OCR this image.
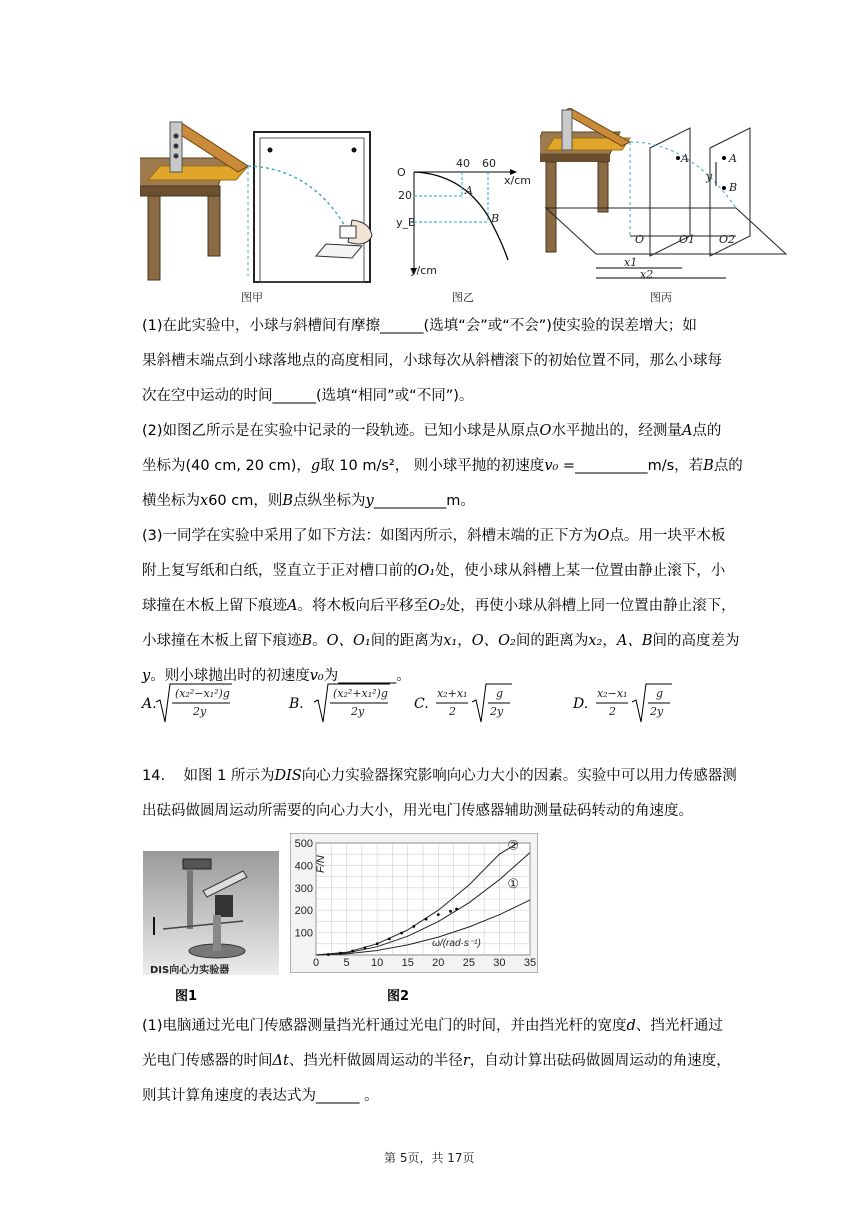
图甲
O
40 60
x/cm
20
y_B
y/cm
A
B
图乙
A	A
B
y
O	O1 O2
x1
x2
图丙
(1)在此实验中，小球与斜槽间有摩擦______(选填“会”或“不会”)使实验的误差增大；如
果斜槽末端点到小球落地点的高度相同，小球每次从斜槽滚下的初始位置不同，那么小球每
次在空中运动的时间______(选填“相同”或“不同”)。
(2)如图乙所示是在实验中记录的一段轨迹。已知小球是从原点O水平抛出的，经测量A点的
坐标为(40 cm, 20 cm)，g取 10 m/s²， 则小球平抛的初速度v₀ =__________m/s，若B点的
横坐标为x60 cm，则B点纵坐标为y__________m。
(3)一同学在实验中采用了如下方法：如图丙所示，斜槽末端的正下方为O点。用一块平木板
附上复写纸和白纸，竖直立于正对槽口前的O₁处，使小球从斜槽上某一位置由静止滚下，小
球撞在木板上留下痕迹A。将木板向后平移至O₂处，再使小球从斜槽上同一位置由静止滚下，
小球撞在木板上留下痕迹B。O、O₁间的距离为x₁，O、O₂间的距离为x₂，A、B间的高度差为
y。则小球抛出时的初速度v₀为________。
A.
(x₂²−x₁²)g
2y	B.
(x₂²+x₁²)g
2y	C.
x₂+x₁
2
g
2y	D.
x₂−x₁
2
g
2y
14. 如图 1 所示为DIS向心力实验器探究影响向心力大小的因素。实验中可以用力传感器测
出砝码做圆周运动所需要的向心力大小，用光电门传感器辅助测量砝码转动的角速度。
DIS向心力实验器
图1
②
①
0 5 10 15 20 25 30 35
100
200
300
400
500
F/N
ω/(rad·s⁻¹)
图2
(1)电脑通过光电门传感器测量挡光杆通过光电门的时间，并由挡光杆的宽度d、挡光杆通过
光电门传感器的时间Δt、挡光杆做圆周运动的半径r，自动计算出砝码做圆周运动的角速度，
则其计算角速度的表达式为______ 。
第 5页，共 17页
